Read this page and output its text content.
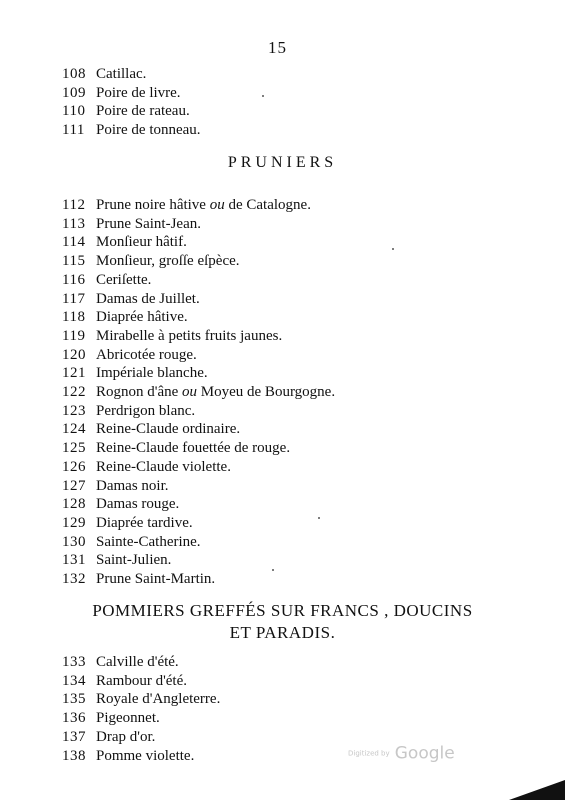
15
108 Catillac.
109 Poire de livre.
110 Poire de rateau.
111 Poire de tonneau.
PRUNIERS
112 Prune noire hâtive ou de Catalogne.
113 Prune Saint-Jean.
114 Monſieur hâtif.
115 Monſieur, groſſe eſpèce.
116 Ceriſette.
117 Damas de Juillet.
118 Diaprée hâtive.
119 Mirabelle à petits fruits jaunes.
120 Abricotée rouge.
121 Impériale blanche.
122 Rognon d'âne ou Moyeu de Bourgogne.
123 Perdrigon blanc.
124 Reine-Claude ordinaire.
125 Reine-Claude fouettée de rouge.
126 Reine-Claude violette.
127 Damas noir.
128 Damas rouge.
129 Diaprée tardive.
130 Sainte-Catherine.
131 Saint-Julien.
132 Prune Saint-Martin.
POMMIERS GREFFÉS SUR FRANCS , DOUCINS
ET PARADIS.
133 Calville d'été.
134 Rambour d'été.
135 Royale d'Angleterre.
136 Pigeonnet.
137 Drap d'or.
138 Pomme violette.	Digitized by Google
